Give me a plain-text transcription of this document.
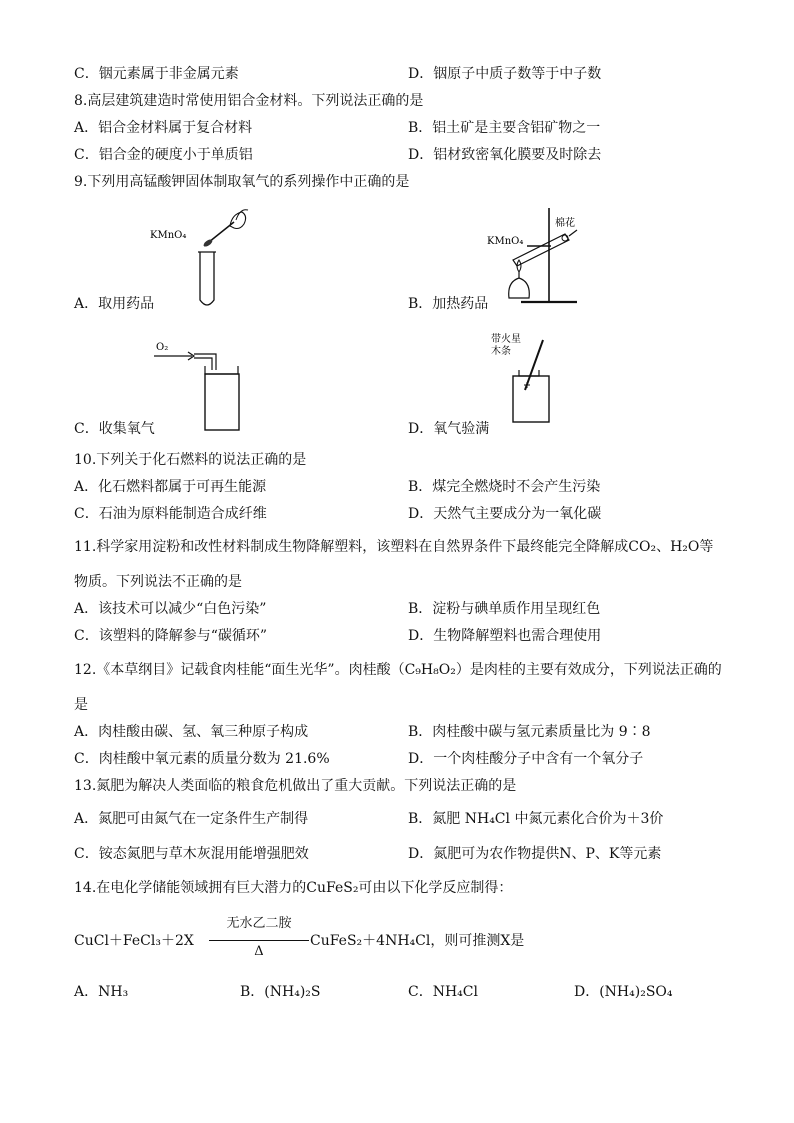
C．铟元素属于非金属元素	D．铟原子中质子数等于中子数
8.高层建筑建造时常使用铝合金材料。下列说法正确的是
A．铝合金材料属于复合材料	B．铝土矿是主要含铝矿物之一
C．铝合金的硬度小于单质铝	D．铝材致密氧化膜要及时除去
9.下列用高锰酸钾固体制取氧气的系列操作中正确的是
KMnO₄
KMnO₄
棉花
A．取用药品	B．加热药品
O₂
带火星
木条
C．收集氧气	D．氧气验满
10.下列关于化石燃料的说法正确的是
A．化石燃料都属于可再生能源	B．煤完全燃烧时不会产生污染
C．石油为原料能制造合成纤维	D．天然气主要成分为一氧化碳
11.科学家用淀粉和改性材料制成生物降解塑料，该塑料在自然界条件下最终能完全降解成CO₂、H₂O等
物质。下列说法不正确的是
A．该技术可以减少“白色污染”	B．淀粉与碘单质作用呈现红色
C．该塑料的降解参与“碳循环”	D．生物降解塑料也需合理使用
12.《本草纲目》记载食肉桂能“面生光华”。肉桂酸（C₉H₈O₂）是肉桂的主要有效成分，下列说法正确的
是
A．肉桂酸由碳、氢、氧三种原子构成	B．肉桂酸中碳与氢元素质量比为 9∶8
C．肉桂酸中氧元素的质量分数为 21.6%	D．一个肉桂酸分子中含有一个氧分子
13.氮肥为解决人类面临的粮食危机做出了重大贡献。下列说法正确的是
A．氮肥可由氮气在一定条件生产制得	B．氮肥 NH₄Cl 中氮元素化合价为＋3价
C．铵态氮肥与草木灰混用能增强肥效	D．氮肥可为农作物提供N、P、K等元素
14.在电化学储能领域拥有巨大潜力的CuFeS₂可由以下化学反应制得：
CuCl＋FeCl₃＋2X
无水乙二胺
Δ
CuFeS₂＋4NH₄Cl，则可推测X是
A．NH₃	B．(NH₄)₂S	C．NH₄Cl	D．(NH₄)₂SO₄
